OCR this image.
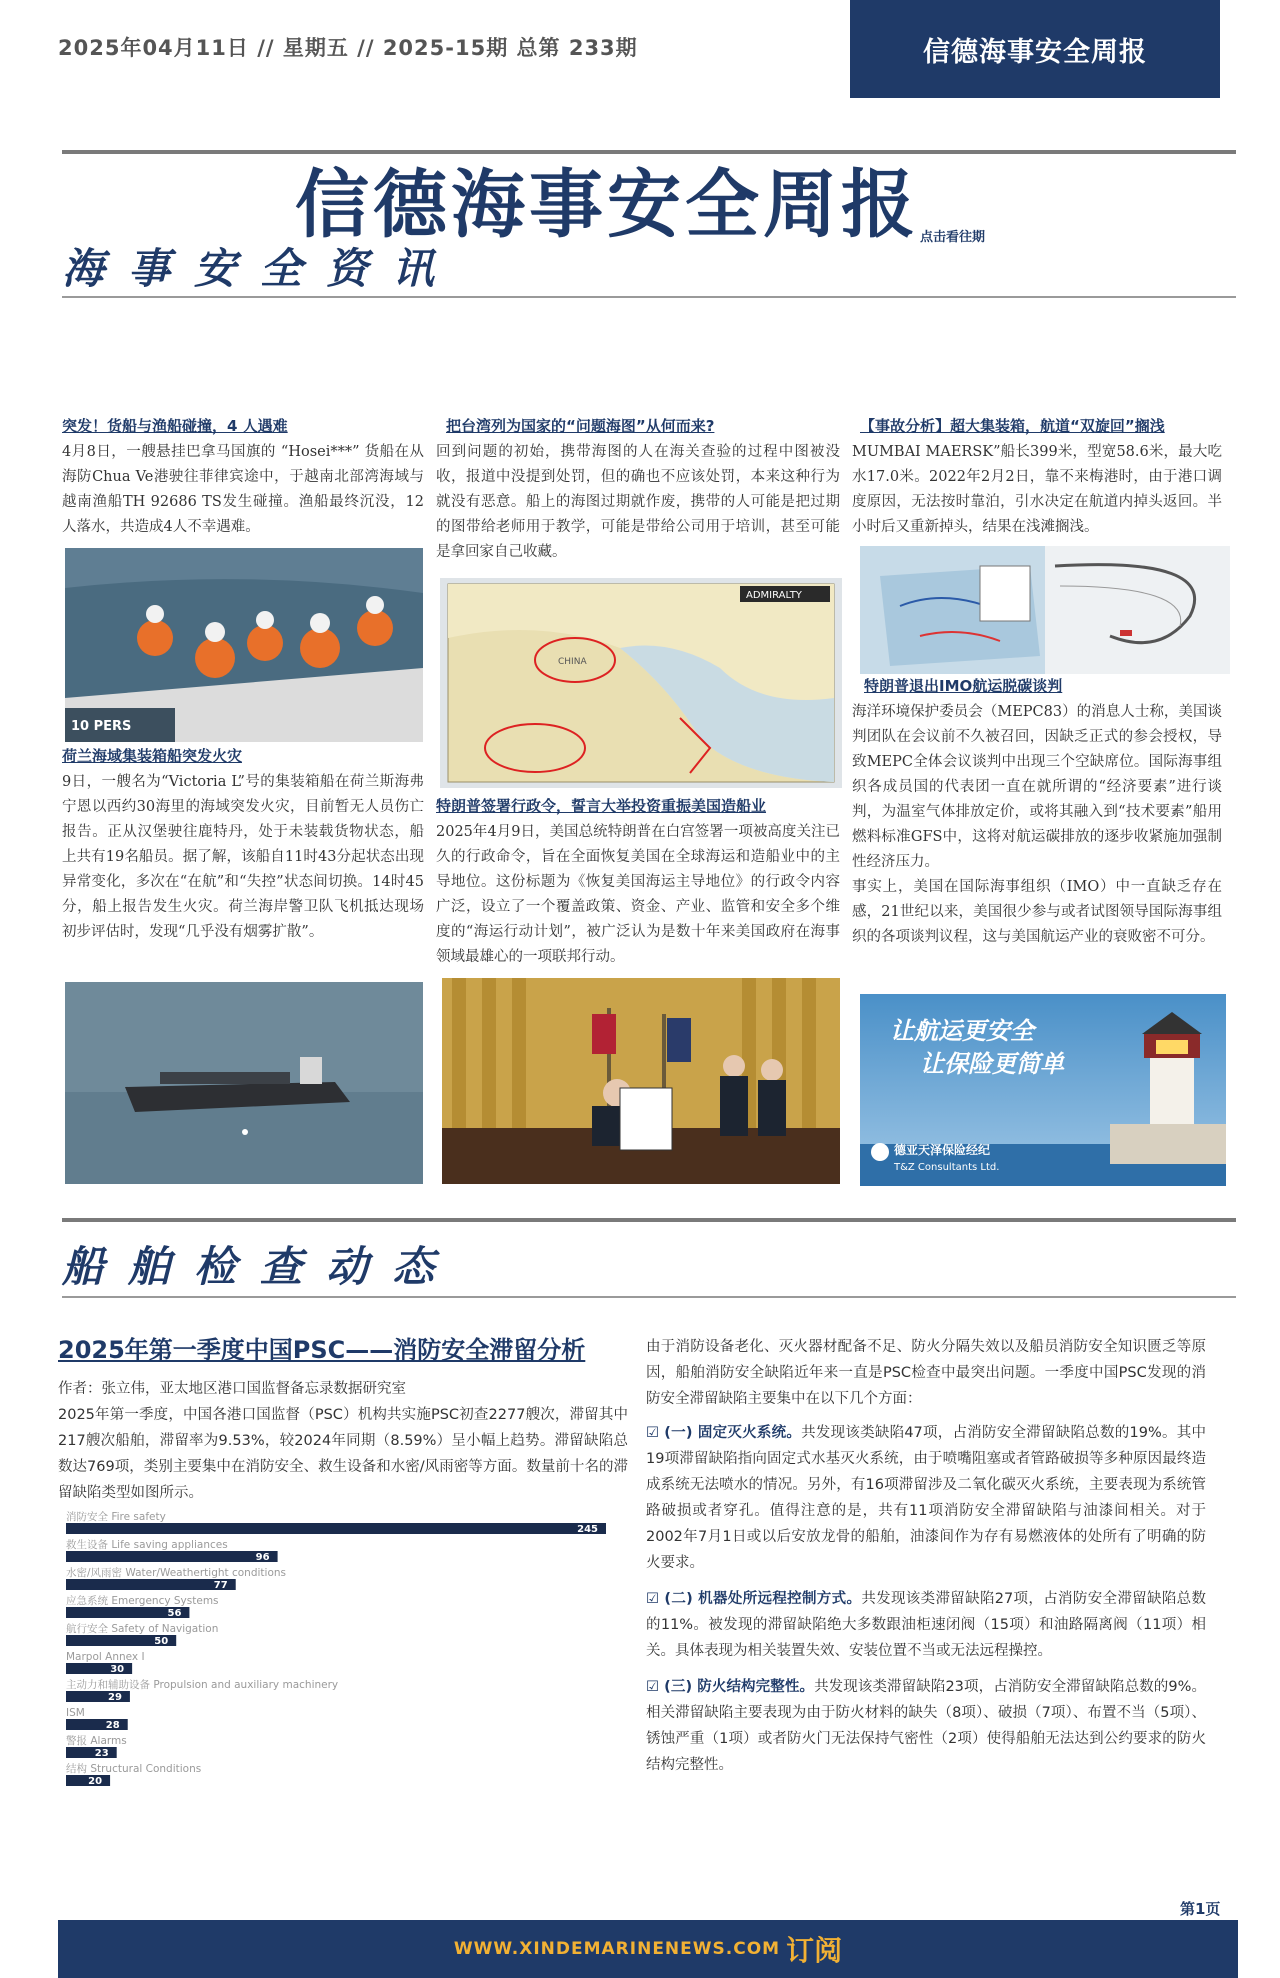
2025年04月11日 // 星期五 // 2025-15期 总第 233期	信德海事安全周报
信德海事安全周报 点击看往期
海事安全资讯
突发！货船与渔船碰撞，4 人遇难
4月8日，一艘悬挂巴拿马国旗的 “Hosei***” 货船在从海防Chua Ve港驶往菲律宾途中，于越南北部湾海域与越南渔船TH 92686 TS发生碰撞。渔船最终沉没，12人落水，共造成4人不幸遇难。
10 PERS
荷兰海域集装箱船突发火灾
9日，一艘名为“Victoria L”号的集装箱船在荷兰斯海弗宁恩以西约30海里的海域突发火灾，目前暂无人员伤亡报告。正从汉堡驶往鹿特丹，处于未装载货物状态，船上共有19名船员。据了解，该船自11时43分起状态出现异常变化，多次在“在航”和“失控”状态间切换。14时45分，船上报告发生火灾。荷兰海岸警卫队飞机抵达现场初步评估时，发现“几乎没有烟雾扩散”。
把台湾列为国家的“问题海图”从何而来?
回到问题的初始，携带海图的人在海关查验的过程中图被没收，报道中没提到处罚，但的确也不应该处罚，本来这种行为就没有恶意。船上的海图过期就作废，携带的人可能是把过期的图带给老师用于教学，可能是带给公司用于培训，甚至可能是拿回家自己收藏。
ADMIRALTY
CHINA
特朗普签署行政令，誓言大举投资重振美国造船业
2025年4月9日，美国总统特朗普在白宫签署一项被高度关注已久的行政命令，旨在全面恢复美国在全球海运和造船业中的主导地位。这份标题为《恢复美国海运主导地位》的行政令内容广泛，设立了一个覆盖政策、资金、产业、监管和安全多个维度的“海运行动计划”，被广泛认为是数十年来美国政府在海事领域最雄心的一项联邦行动。
【事故分析】超大集装箱，航道“双旋回”搁浅
MUMBAI MAERSK”船长399米，型宽58.6米，最大吃水17.0米。2022年2月2日，靠不来梅港时，由于港口调度原因，无法按时靠泊，引水决定在航道内掉头返回。半小时后又重新掉头，结果在浅滩搁浅。
特朗普退出IMO航运脱碳谈判
海洋环境保护委员会（MEPC83）的消息人士称，美国谈判团队在会议前不久被召回，因缺乏正式的参会授权，导致MEPC全体会议谈判中出现三个空缺席位。国际海事组织各成员国的代表团一直在就所谓的“经济要素”进行谈判，为温室气体排放定价，或将其融入到“技术要素”船用燃料标准GFS中，这将对航运碳排放的逐步收紧施加强制性经济压力。
事实上，美国在国际海事组织（IMO）中一直缺乏存在感，21世纪以来，美国很少参与或者试图领导国际海事组织的各项谈判议程，这与美国航运产业的衰败密不可分。
让航运更安全
让保险更简单
德亚天泽保险经纪
T&Z Consultants Ltd.
船舶检查动态
2025年第一季度中国PSC——消防安全滞留分析
作者：张立伟，亚太地区港口国监督备忘录数据研究室
2025年第一季度，中国各港口国监督（PSC）机构共实施PSC初查2277艘次，滞留其中217艘次船舶，滞留率为9.53%，较2024年同期（8.59%）呈小幅上趋势。滞留缺陷总数达769项，类别主要集中在消防安全、救生设备和水密/风雨密等方面。数量前十名的滞留缺陷类型如图所示。
消防安全 Fire safety
245
救生设备 Life saving appliances
96
水密/风雨密 Water/Weathertight conditions
77
应急系统 Emergency Systems
56
航行安全 Safety of Navigation
50
Marpol Annex I
30
主动力和辅助设备 Propulsion and auxiliary machinery
29
ISM
28
警报 Alarms
23
结构 Structural Conditions
20
由于消防设备老化、灭火器材配备不足、防火分隔失效以及船员消防安全知识匮乏等原因，船舶消防安全缺陷近年来一直是PSC检查中最突出问题。一季度中国PSC发现的消防安全滞留缺陷主要集中在以下几个方面：
☑ (一) 固定灭火系统。共发现该类缺陷47项，占消防安全滞留缺陷总数的19%。其中19项滞留缺陷指向固定式水基灭火系统，由于喷嘴阻塞或者管路破损等多种原因最终造成系统无法喷水的情况。另外，有16项滞留涉及二氧化碳灭火系统，主要表现为系统管路破损或者穿孔。值得注意的是，共有11项消防安全滞留缺陷与油漆间相关。对于2002年7月1日或以后安放龙骨的船舶，油漆间作为存有易燃液体的处所有了明确的防火要求。
☑ (二) 机器处所远程控制方式。共发现该类滞留缺陷27项，占消防安全滞留缺陷总数的11%。被发现的滞留缺陷绝大多数跟油柜速闭阀（15项）和油路隔离阀（11项）相关。具体表现为相关装置失效、安装位置不当或无法远程操控。
☑ (三) 防火结构完整性。共发现该类滞留缺陷23项，占消防安全滞留缺陷总数的9%。相关滞留缺陷主要表现为由于防火材料的缺失（8项）、破损（7项）、布置不当（5项）、锈蚀严重（1项）或者防火门无法保持气密性（2项）使得船舶无法达到公约要求的防火结构完整性。
第1页
WWW.XINDEMARINENEWS.COM 订阅
